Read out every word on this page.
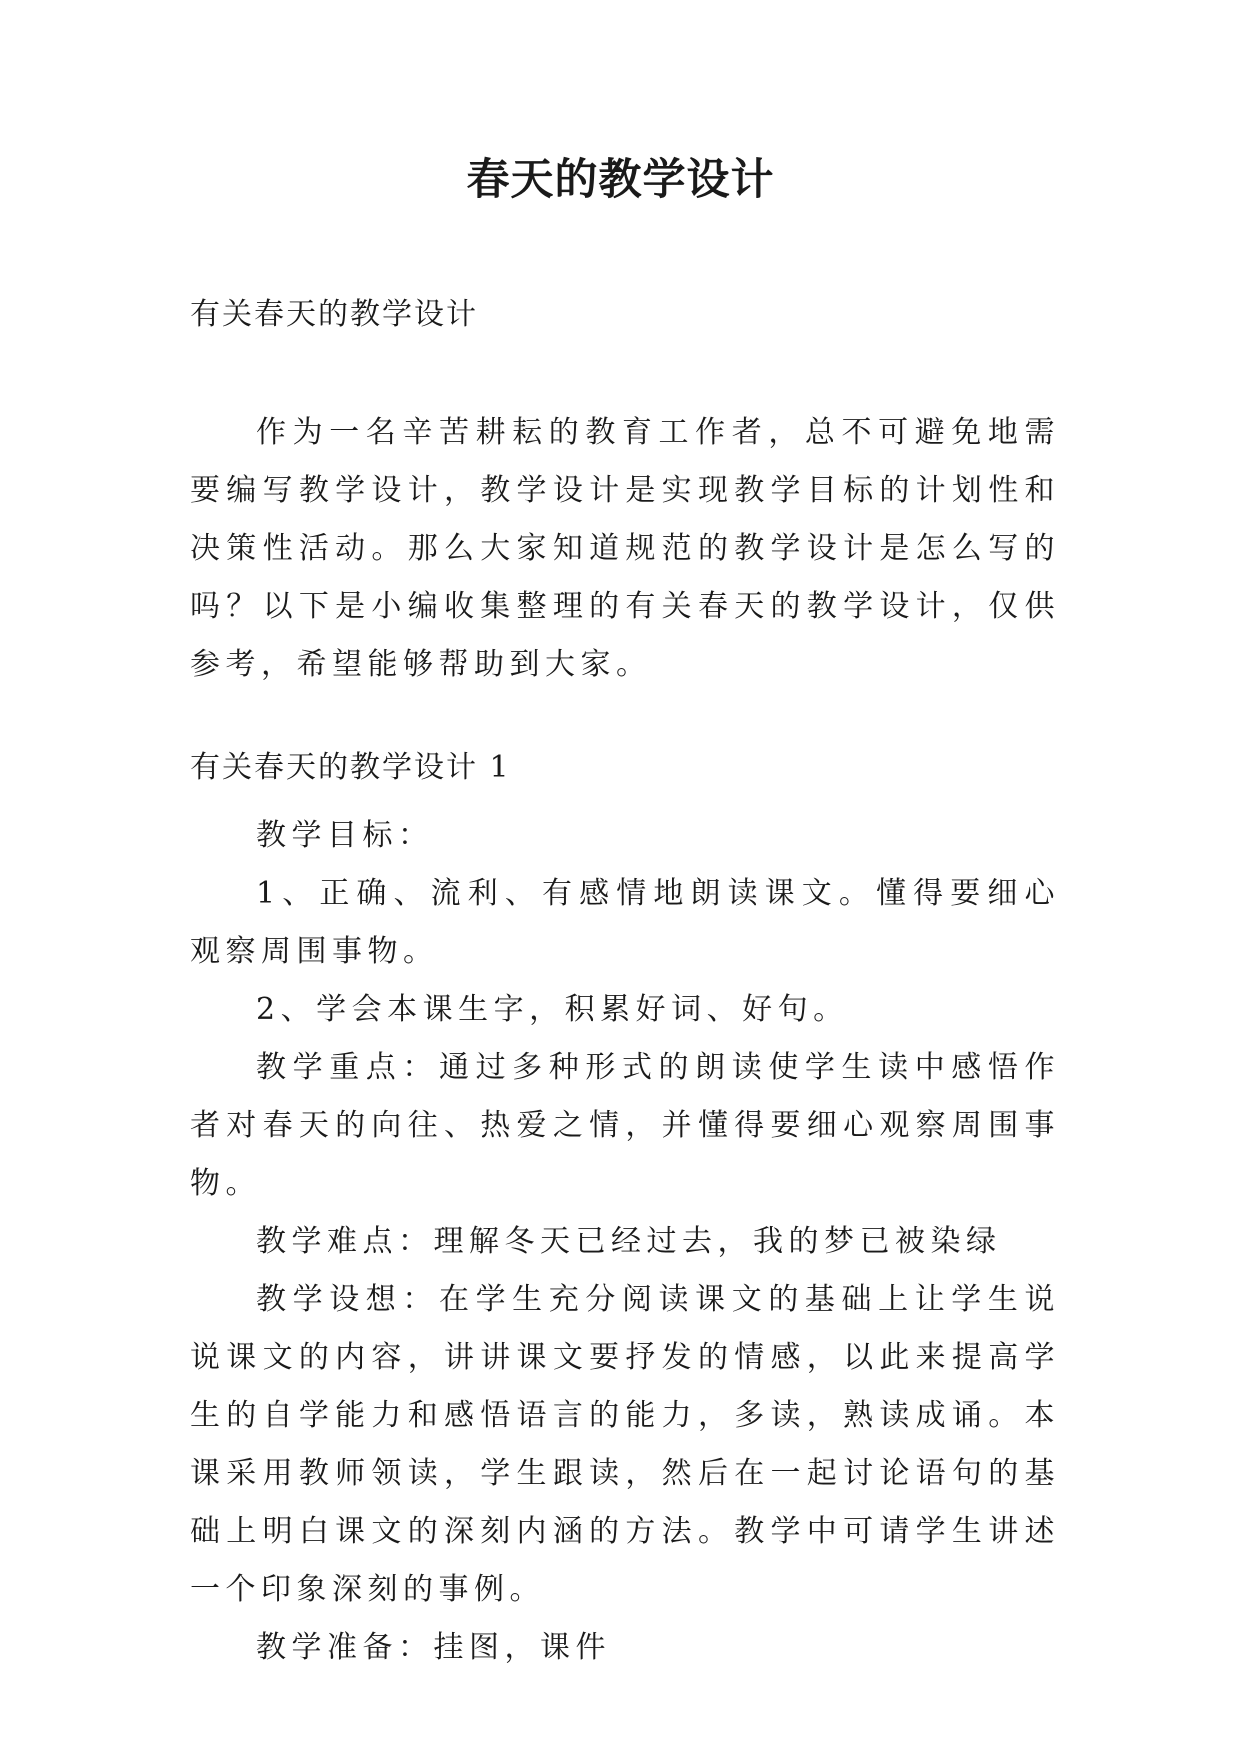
春天的教学设计
有关春天的教学设计

作为一名辛苦耕耘的教育工作者，总不可避免地需要编写教学设计，教学设计是实现教学目标的计划性和决策性活动。那么大家知道规范的教学设计是怎么写的吗？以下是小编收集整理的有关春天的教学设计，仅供参考，希望能够帮助到大家。

有关春天的教学设计 1

教学目标：

1、正确、流利、有感情地朗读课文。懂得要细心观察周围事物。

2、学会本课生字，积累好词、好句。

教学重点：通过多种形式的朗读使学生读中感悟作者对春天的向往、热爱之情，并懂得要细心观察周围事物。

教学难点：理解冬天已经过去，我的梦已被染绿

教学设想：在学生充分阅读课文的基础上让学生说说课文的内容，讲讲课文要抒发的情感，以此来提高学生的自学能力和感悟语言的能力，多读，熟读成诵。本课采用教师领读，学生跟读，然后在一起讨论语句的基础上明白课文的深刻内涵的方法。教学中可请学生讲述一个印象深刻的事例。

教学准备：挂图，课件
